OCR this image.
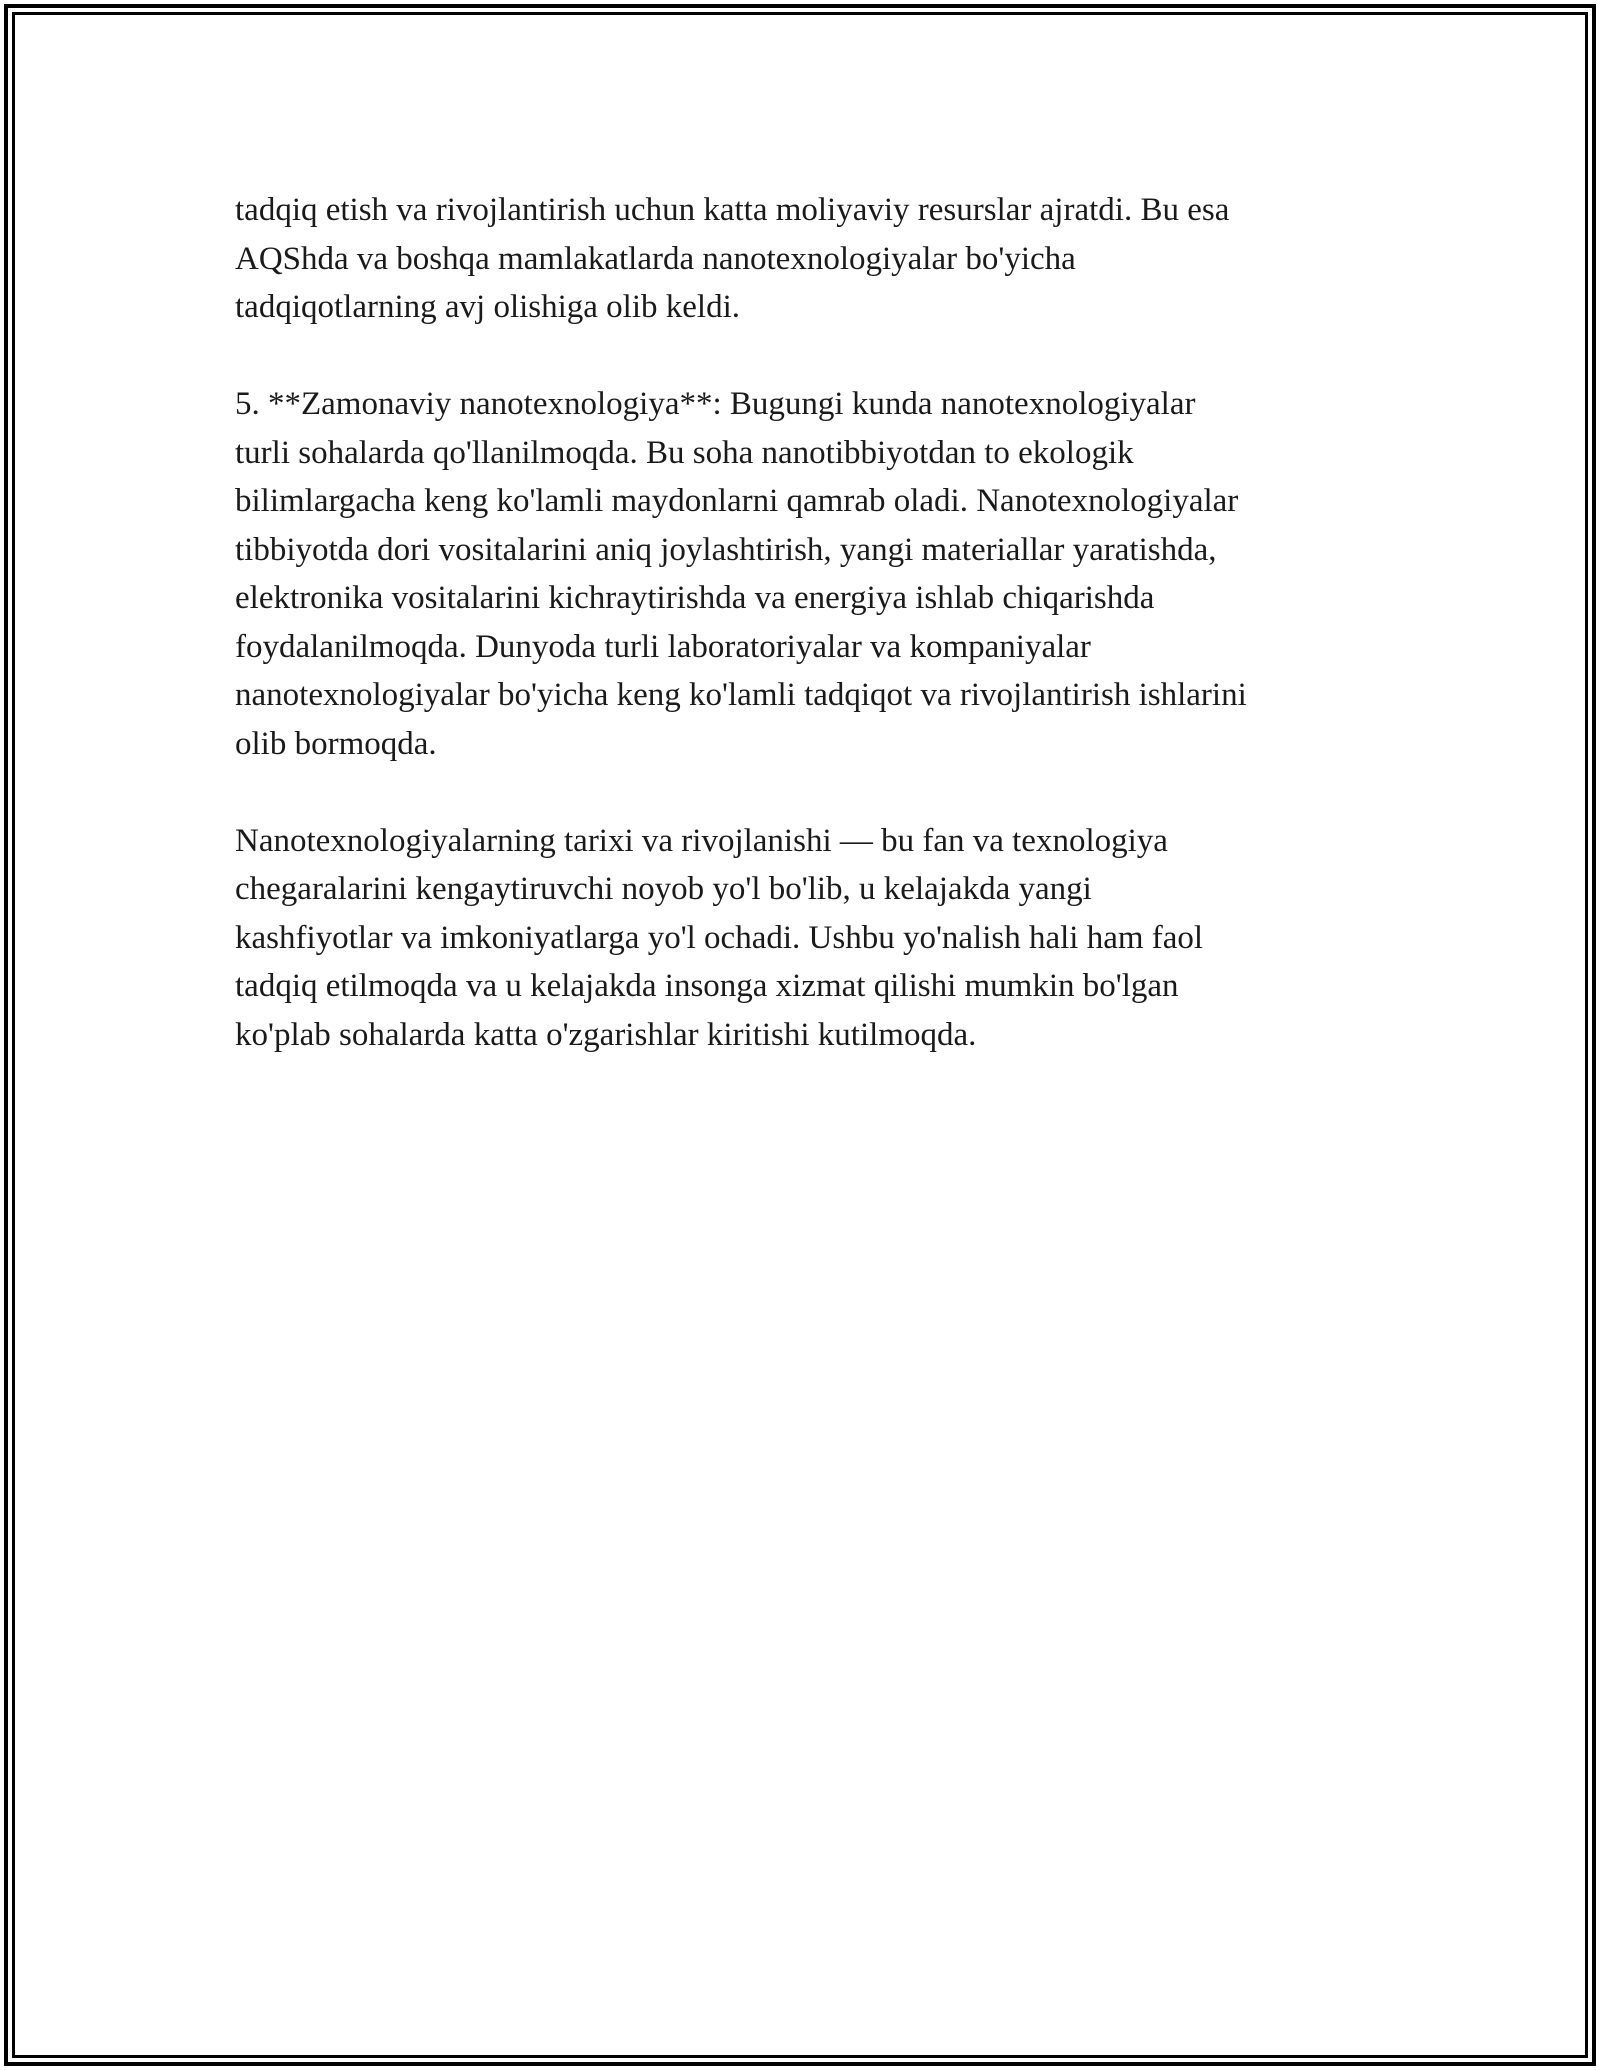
tadqiq etish va rivojlantirish uchun katta moliyaviy resurslar ajratdi. Bu esa
AQShda va boshqa mamlakatlarda nanotexnologiyalar bo'yicha
tadqiqotlarning avj olishiga olib keldi.

5. **Zamonaviy nanotexnologiya**: Bugungi kunda nanotexnologiyalar
turli sohalarda qo'llanilmoqda. Bu soha nanotibbiyotdan to ekologik
bilimlargacha keng ko'lamli maydonlarni qamrab oladi. Nanotexnologiyalar
tibbiyotda dori vositalarini aniq joylashtirish, yangi materiallar yaratishda,
elektronika vositalarini kichraytirishda va energiya ishlab chiqarishda
foydalanilmoqda. Dunyoda turli laboratoriyalar va kompaniyalar
nanotexnologiyalar bo'yicha keng ko'lamli tadqiqot va rivojlantirish ishlarini
olib bormoqda.

Nanotexnologiyalarning tarixi va rivojlanishi — bu fan va texnologiya
chegaralarini kengaytiruvchi noyob yo'l bo'lib, u kelajakda yangi
kashfiyotlar va imkoniyatlarga yo'l ochadi. Ushbu yo'nalish hali ham faol
tadqiq etilmoqda va u kelajakda insonga xizmat qilishi mumkin bo'lgan
ko'plab sohalarda katta o'zgarishlar kiritishi kutilmoqda.
